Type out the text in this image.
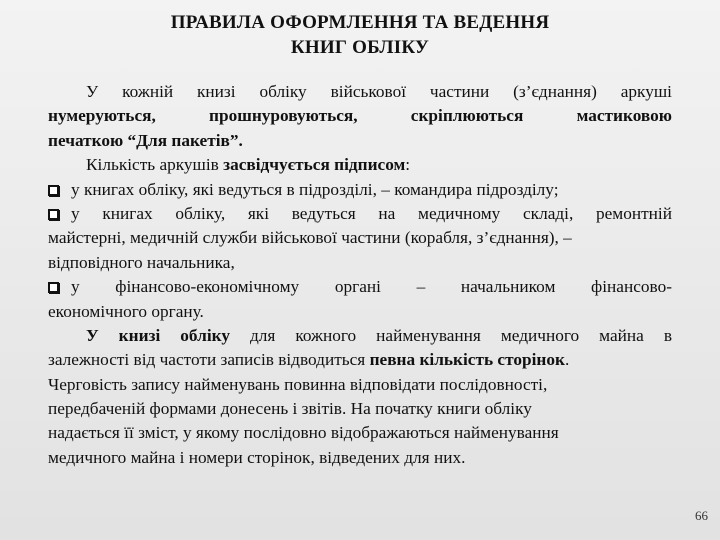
ПРАВИЛА ОФОРМЛЕННЯ ТА ВЕДЕННЯ
КНИГ ОБЛІКУ
У кожній книзі обліку військової частини (з’єднання) аркуші
нумеруються,	прошнуровуються,	скріплюються	мастиковою
печаткою “Для пакетів”.
Кількість аркушів засвідчується підписом:
у книгах обліку, які ведуться в підрозділі, – командира підрозділу;
у книгах обліку, які ведуться на медичному складі, ремонтній
майстерні, медичній служби військової частини (корабля, з’єднання), –
відповідного начальника,
у фінансово-економічному органі – начальником фінансово-
економічного органу.
У книзі обліку для кожного найменування медичного майна в
залежності від частоти записів відводиться певна кількість сторінок.
Черговість запису найменувань повинна відповідати послідовності,
передбаченій формами донесень і звітів. На початку книги обліку
надається її зміст, у якому послідовно відображаються найменування
медичного майна і номери сторінок, відведених для них.
66
